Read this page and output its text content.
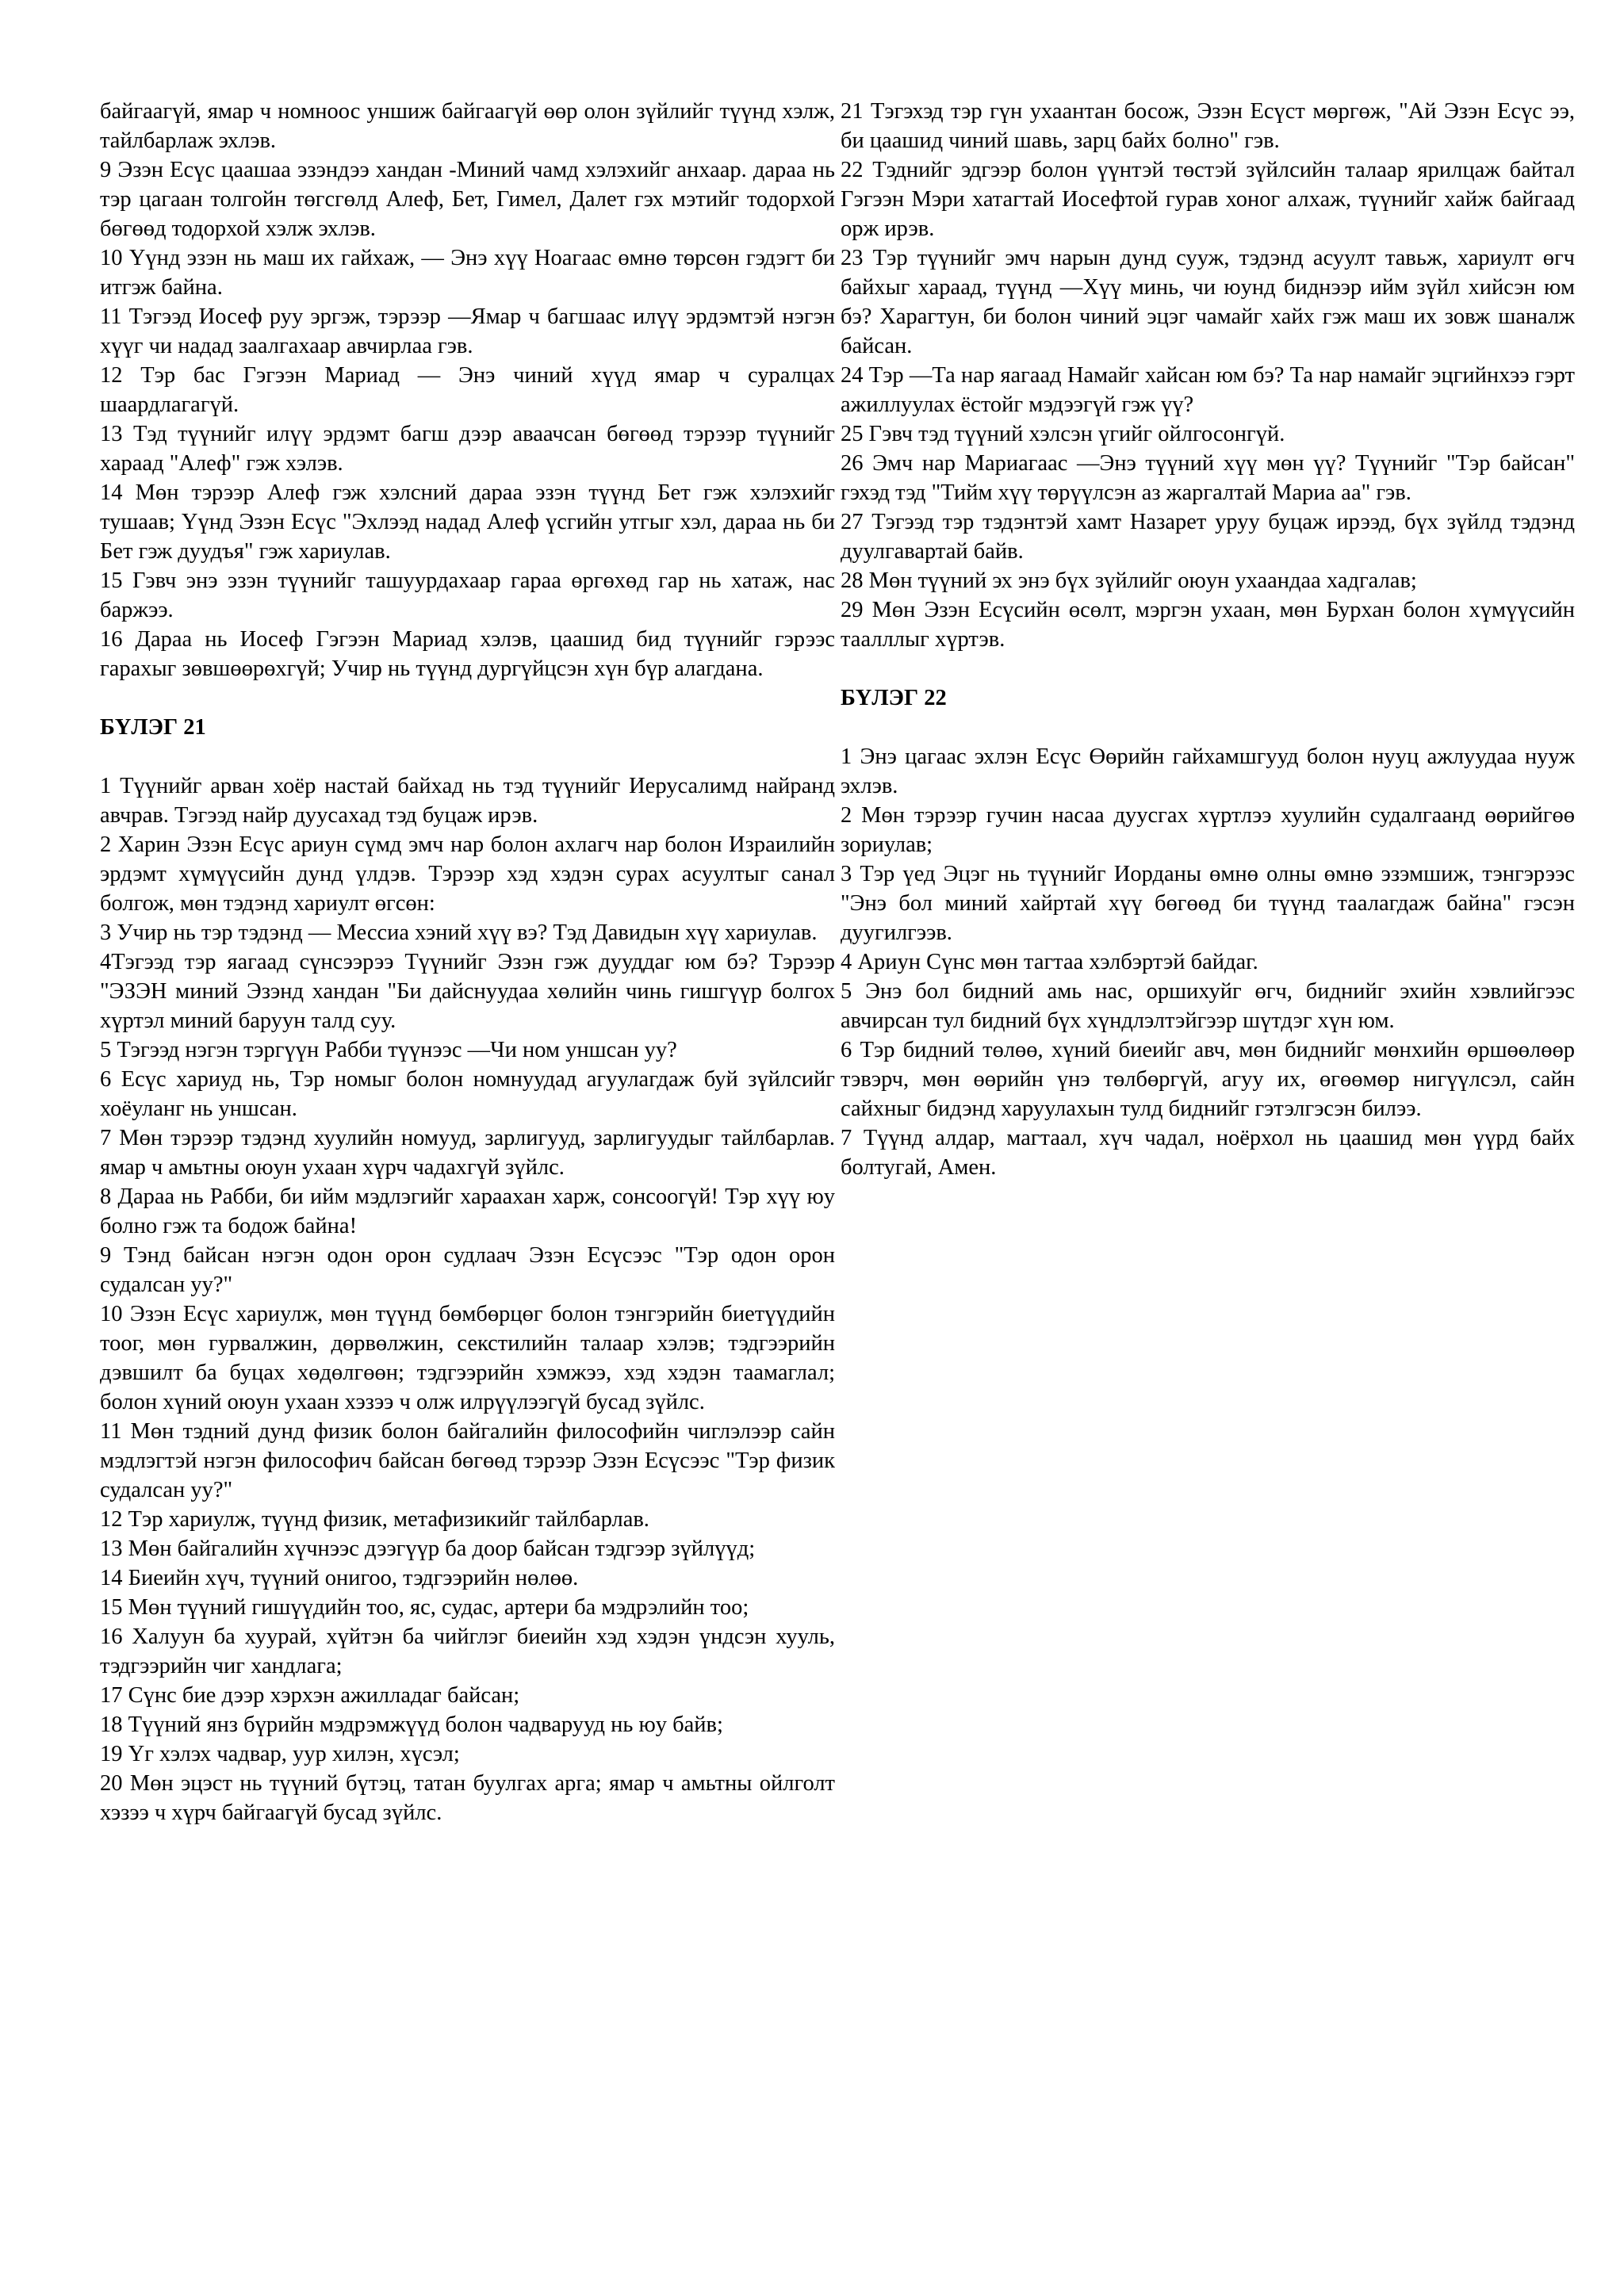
байгаагүй, ямар ч номноос уншиж байгаагүй өөр олон зүйлийг түүнд хэлж, тайлбарлаж эхлэв.

9 Эзэн Есүс цаашаа эзэндээ хандан -Миний чамд хэлэхийг анхаар. дараа нь тэр цагаан толгойн төгсгөлд Алеф, Бет, Гимел, Далет гэх мэтийг тодорхой бөгөөд тодорхой хэлж эхлэв.

10 Үүнд эзэн нь маш их гайхаж, — Энэ хүү Ноагаас өмнө төрсөн гэдэгт би итгэж байна.

11 Тэгээд Иосеф руу эргэж, тэрээр —Ямар ч багшаас илүү эрдэмтэй нэгэн хүүг чи надад заалгахаар авчирлаа гэв.

12 Тэр бас Гэгээн Мариад — Энэ чиний хүүд ямар ч суралцах шаардлагагүй.

13 Тэд түүнийг илүү эрдэмт багш дээр аваачсан бөгөөд тэрээр түүнийг хараад "Алеф" гэж хэлэв.

14 Мөн тэрээр Алеф гэж хэлсний дараа эзэн түүнд Бет гэж хэлэхийг тушаав; Үүнд Эзэн Есүс "Эхлээд надад Алеф үсгийн утгыг хэл, дараа нь би Бет гэж дуудъя" гэж хариулав.

15 Гэвч энэ эзэн түүнийг ташуурдахаар гараа өргөхөд гар нь хатаж, нас баржээ.

16 Дараа нь Иосеф Гэгээн Мариад хэлэв, цаашид бид түүнийг гэрээс гарахыг зөвшөөрөхгүй; Учир нь түүнд дургүйцсэн хүн бүр алагдана.

БҮЛЭГ 21

1 Түүнийг арван хоёр настай байхад нь тэд түүнийг Иерусалимд найранд авчрав. Тэгээд найр дуусахад тэд буцаж ирэв.

2 Харин Эзэн Есүс ариун сүмд эмч нар болон ахлагч нар болон Израилийн эрдэмт хүмүүсийн дунд үлдэв. Тэрээр хэд хэдэн сурах асуултыг санал болгож, мөн тэдэнд хариулт өгсөн:

3 Учир нь тэр тэдэнд — Мессиа хэний хүү вэ? Тэд Давидын хүү хариулав.

4Тэгээд тэр яагаад сүнсээрээ Түүнийг Эзэн гэж дууддаг юм бэ? Тэрээр "ЭЗЭН миний Эзэнд хандан "Би дайснуудаа хөлийн чинь гишгүүр болгох хүртэл миний баруун талд суу.

5 Тэгээд нэгэн тэргүүн Рабби түүнээс —Чи ном уншсан уу?

6 Есүс хариуд нь, Тэр номыг болон номнуудад агуулагдаж буй зүйлсийг хоёуланг нь уншсан.

7 Мөн тэрээр тэдэнд хуулийн номууд, зарлигууд, зарлигуудыг тайлбарлав. ямар ч амьтны оюун ухаан хүрч чадахгүй зүйлс.

8 Дараа нь Рабби, би ийм мэдлэгийг хараахан харж, сонсоогүй! Тэр хүү юу болно гэж та бодож байна!

9 Тэнд байсан нэгэн одон орон судлаач Эзэн Есүсээс "Тэр одон орон судалсан уу?"

10 Эзэн Есүс хариулж, мөн түүнд бөмбөрцөг болон тэнгэрийн биетүүдийн тоог, мөн гурвалжин, дөрвөлжин, секстилийн талаар хэлэв; тэдгээрийн дэвшилт ба буцах хөдөлгөөн; тэдгээрийн хэмжээ, хэд хэдэн таамаглал; болон хүний оюун ухаан хэзээ ч олж илрүүлээгүй бусад зүйлс.

11 Мөн тэдний дунд физик болон байгалийн философийн чиглэлээр сайн мэдлэгтэй нэгэн философич байсан бөгөөд тэрээр Эзэн Есүсээс "Тэр физик судалсан уу?"

12 Тэр хариулж, түүнд физик, метафизикийг тайлбарлав.

13 Мөн байгалийн хүчнээс дээгүүр ба доор байсан тэдгээр зүйлүүд;

14 Биеийн хүч, түүний онигоо, тэдгээрийн нөлөө.

15 Мөн түүний гишүүдийн тоо, яс, судас, артери ба мэдрэлийн тоо;

16 Халуун ба хуурай, хүйтэн ба чийглэг биеийн хэд хэдэн үндсэн хууль, тэдгээрийн чиг хандлага;

17 Сүнс бие дээр хэрхэн ажилладаг байсан;

18 Түүний янз бүрийн мэдрэмжүүд болон чадварууд нь юу байв;

19 Үг хэлэх чадвар, уур хилэн, хүсэл;

20 Мөн эцэст нь түүний бүтэц, татан буулгах арга; ямар ч амьтны ойлголт хэзээ ч хүрч байгаагүй бусад зүйлс.

21 Тэгэхэд тэр гүн ухаантан босож, Эзэн Есүст мөргөж, "Ай Эзэн Есүс ээ, би цаашид чиний шавь, зарц байх болно" гэв.

22 Тэднийг эдгээр болон үүнтэй төстэй зүйлсийн талаар ярилцаж байтал Гэгээн Мэри хатагтай Иосефтой гурав хоног алхаж, түүнийг хайж байгаад орж ирэв.

23 Тэр түүнийг эмч нарын дунд сууж, тэдэнд асуулт тавьж, хариулт өгч байхыг хараад, түүнд —Хүү минь, чи юунд биднээр ийм зүйл хийсэн юм бэ? Харагтун, би болон чиний эцэг чамайг хайх гэж маш их зовж шаналж байсан.

24 Тэр —Та нар яагаад Намайг хайсан юм бэ? Та нар намайг эцгийнхээ гэрт ажиллуулах ёстойг мэдээгүй гэж үү?

25 Гэвч тэд түүний хэлсэн үгийг ойлгосонгүй.

26 Эмч нар Мариагаас —Энэ түүний хүү мөн үү? Түүнийг "Тэр байсан" гэхэд тэд "Тийм хүү төрүүлсэн аз жаргалтай Мариа аа" гэв.

27 Тэгээд тэр тэдэнтэй хамт Назарет уруу буцаж ирээд, бүх зүйлд тэдэнд дуулгавартай байв.

28 Мөн түүний эх энэ бүх зүйлийг оюун ухаандаа хадгалав;

29 Мөн Эзэн Есүсийн өсөлт, мэргэн ухаан, мөн Бурхан болон хүмүүсийн таалллыг хүртэв.

БҮЛЭГ 22

1 Энэ цагаас эхлэн Есүс Өөрийн гайхамшгууд болон нууц ажлуудаа нууж эхлэв.

2 Мөн тэрээр гучин насаа дуусгах хүртлээ хуулийн судалгаанд өөрийгөө зориулав;

3 Тэр үед Эцэг нь түүнийг Иорданы өмнө олны өмнө эзэмшиж, тэнгэрээс "Энэ бол миний хайртай хүү бөгөөд би түүнд таалагдаж байна" гэсэн дуугилгээв.

4 Ариун Сүнс мөн тагтаа хэлбэртэй байдаг.

5 Энэ бол бидний амь нас, оршихуйг өгч, биднийг эхийн хэвлийгээс авчирсан тул бидний бүх хүндлэлтэйгээр шүтдэг хүн юм.

6 Тэр бидний төлөө, хүний биеийг авч, мөн биднийг мөнхийн өршөөлөөр тэвэрч, мөн өөрийн үнэ төлбөргүй, агуу их, өгөөмөр нигүүлсэл, сайн сайхныг бидэнд харуулахын тулд биднийг гэтэлгэсэн билээ.

7 Түүнд алдар, магтаал, хүч чадал, ноёрхол нь цаашид мөн үүрд байх болтугай, Амен.
